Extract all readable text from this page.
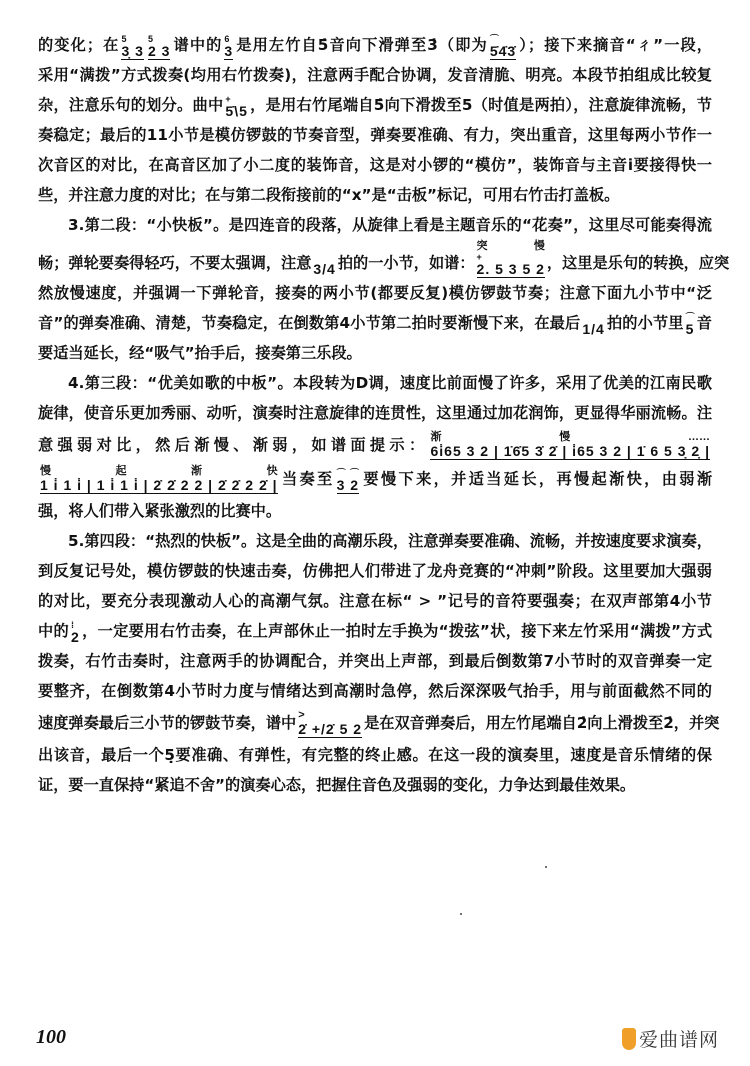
的变化；在 5
3̣ 3
5
2 3 谱中的 6
3 是用左竹自5̇音向下滑弹至3̇（即为 ⌒
5̇4̇3̇ ）；接下来摘音“ㄔ”一段，
采用“满拨”方式拨奏(均用右竹拨奏)，注意两手配合协调，发音清脆、明亮。本段节拍组成比较复
杂，注意乐句的划分。曲中 +
5̇\5 ，是用右竹尾端自5̇向下滑拨至5（时值是两拍），注意旋律流畅，节
奏稳定；最后的11小节是模仿锣鼓的节奏音型，弹奏要准确、有力，突出重音，这里每两小节作一
次音区的对比，在高音区加了小二度的装饰音，这是对小锣的“模仿”，装饰音与主音i̇要接得快一
些，并注意力度的对比；在与第二段衔接前的“x”是“击板”标记，可用右竹击打盖板。
3.第二段：“小快板”。是四连音的段落，从旋律上看是主题音乐的“花奏”，这里尽可能奏得流
畅；弹轮要奏得轻巧，不要太强调，注意
3/4 拍的一小节，如谱：
突慢
+
2. 5 3 5 2 ，这里是乐句的转换，应突
然放慢速度，并强调一下弹轮音，接奏的两小节(都要反复)模仿锣鼓节奏；注意下面九小节中“泛
音”的弹奏准确、清楚，节奏稳定，在倒数第4小节第二拍时要渐慢下来，在最后
1/4 拍的小节里 ⌒
5 音
要适当延长，经“吸气”抬手后，接奏第三乐段。
4.第三段：“优美如歌的中板”。本段转为D调，速度比前面慢了许多，采用了优美的江南民歌
旋律，使音乐更加秀丽、动听，演奏时注意旋律的连贯性，这里通过加花润饰，更显得华丽流畅。注
意强弱对比，然后渐慢、渐弱，如谱面提示： 渐慢……
6i̇65 3 2 | 1̇6̇5 3̇ 2̇ | i̇65 3 2 | 1̇ 6 5 3̣ 2̣ |
慢起渐快
1 i̇ 1 i̇ | 1 i̇ 1 i̇ | 2̇ 2̇ 2 2 | 2̇ 2̇ 2 2̇ | 当奏至 ⌒⌒
3 2 要慢下来，并适当延长，再慢起渐快，由弱渐
强，将人们带入紧张激烈的比赛中。
5.第四段：“热烈的快板”。这是全曲的高潮乐段，注意弹奏要准确、流畅，并按速度要求演奏，
到反复记号处，模仿锣鼓的快速击奏，仿佛把人们带进了龙舟竞赛的“冲刺”阶段。这里要加大强弱
的对比，要充分表现激动人心的高潮气氛。注意在标“ > ”记号的音符要强奏；在双声部第4小节
中的 ⁞
2 ，一定要用右竹击奏，在上声部休止一拍时左手换为“拨弦”状，接下来左竹采用“满拨”方式
拨奏，右竹击奏时，注意两手的协调配合，并突出上声部，到最后倒数第7小节时的双音弹奏一定
要整齐，在倒数第4小节时力度与情绪达到高潮时急停，然后深深吸气抬手，用与前面截然不同的
速度弹奏最后三小节的锣鼓节奏，谱中 >
2̇ +/2̇ 5 2 是在双音弹奏后，用左竹尾端自2̇向上滑拨至2̇，并突
出该音，最后一个5̣要准确、有弹性，有完整的终止感。在这一段的演奏里，速度是音乐情绪的保
证，要一直保持“紧追不舍”的演奏心态，把握住音色及强弱的变化，力争达到最佳效果。
100	爱曲谱网
